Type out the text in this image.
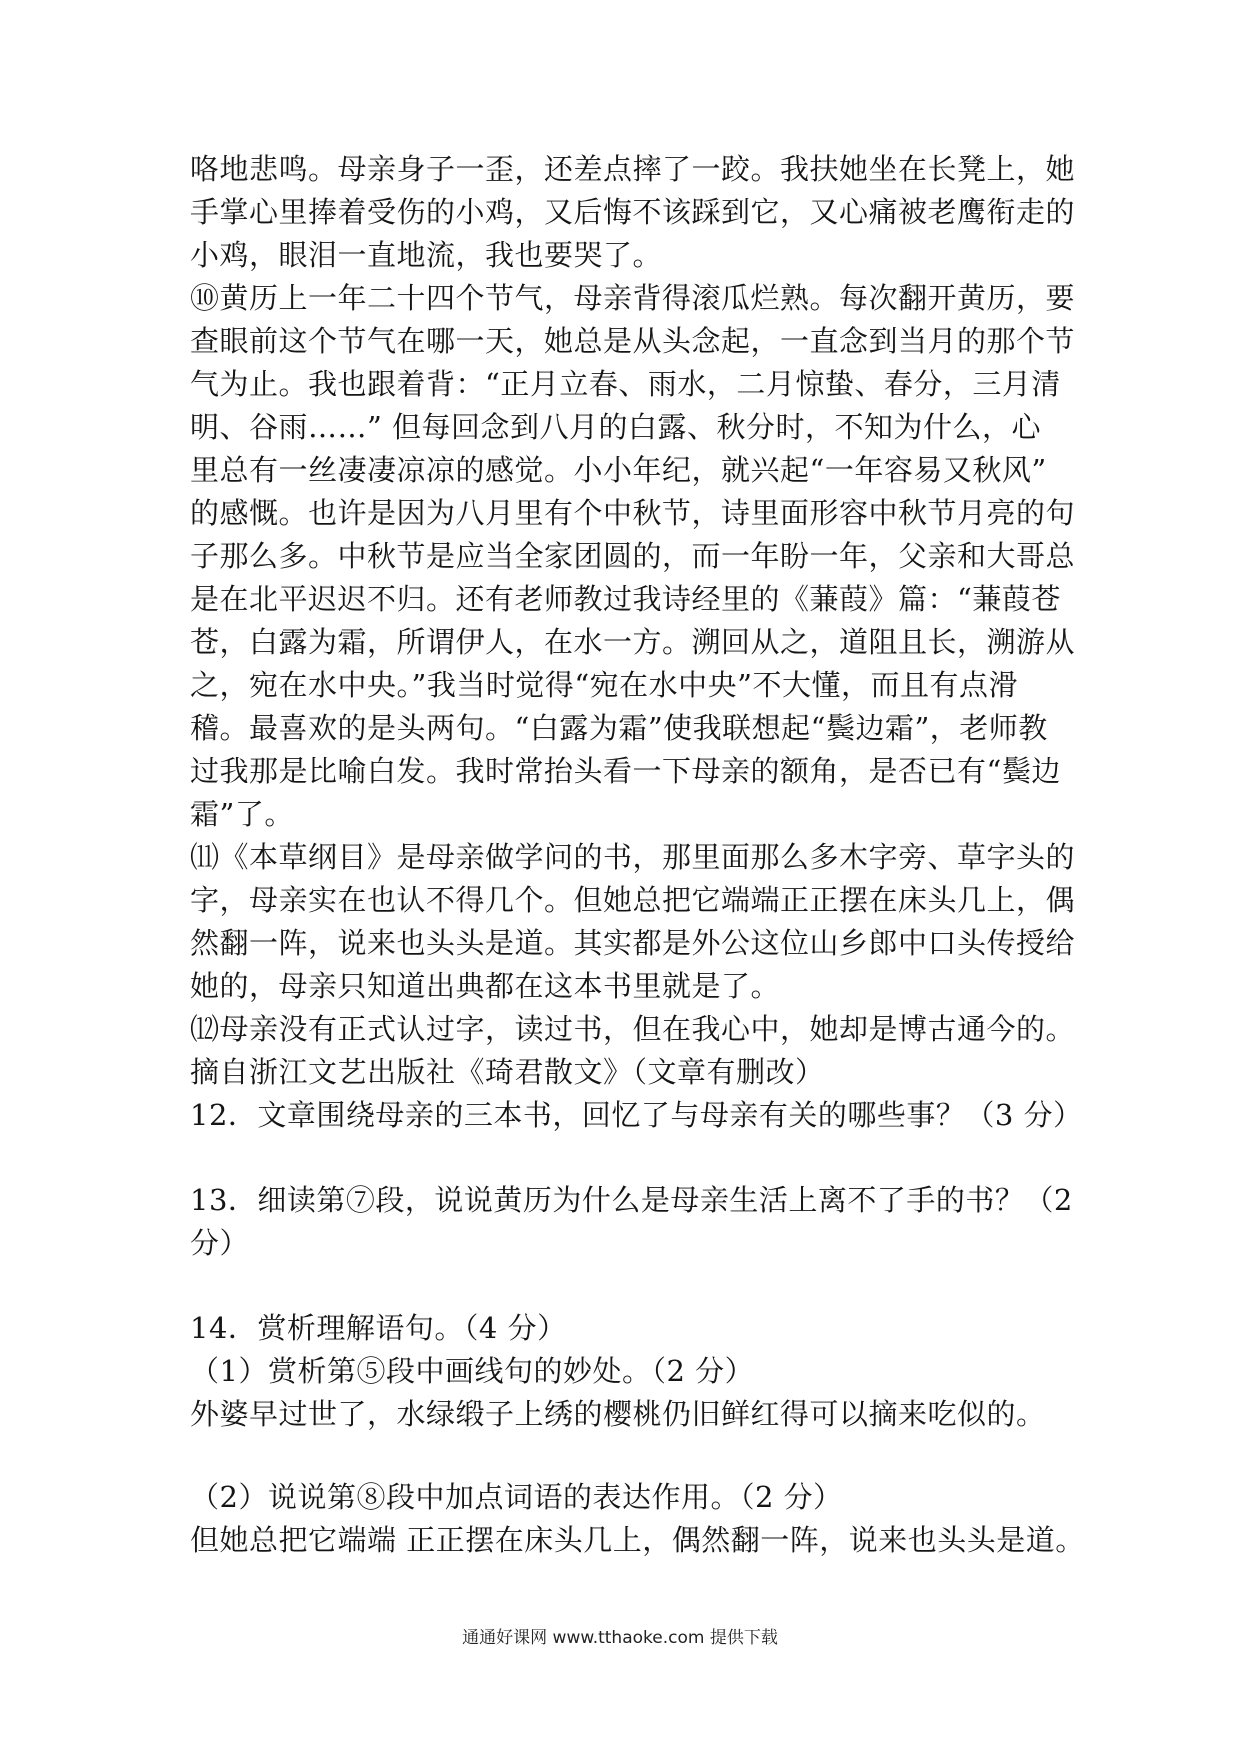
咯地悲鸣。母亲身子一歪，还差点摔了一跤。我扶她坐在长凳上，她
手掌心里捧着受伤的小鸡，又后悔不该踩到它，又心痛被老鹰衔走的
小鸡，眼泪一直地流，我也要哭了。
⑩黄历上一年二十四个节气，母亲背得滚瓜烂熟。每次翻开黄历，要
查眼前这个节气在哪一天，她总是从头念起，一直念到当月的那个节
气为止。我也跟着背：“正月立春、雨水，二月惊蛰、春分，三月清
明、谷雨……” 但每回念到八月的白露、秋分时，不知为什么，心
里总有一丝凄凄凉凉的感觉。小小年纪，就兴起“一年容易又秋风”
的感慨。也许是因为八月里有个中秋节，诗里面形容中秋节月亮的句
子那么多。中秋节是应当全家团圆的，而一年盼一年，父亲和大哥总
是在北平迟迟不归。还有老师教过我诗经里的《蒹葭》篇：“蒹葭苍
苍，白露为霜，所谓伊人，在水一方。溯回从之，道阻且长，溯游从
之，宛在水中央。”我当时觉得“宛在水中央”不大懂，而且有点滑
稽。最喜欢的是头两句。“白露为霜”使我联想起“鬓边霜”，老师教
过我那是比喻白发。我时常抬头看一下母亲的额角，是否已有“鬓边
霜”了。
⑾《本草纲目》是母亲做学问的书，那里面那么多木字旁、草字头的
字，母亲实在也认不得几个。但她总把它端端正正摆在床头几上，偶
然翻一阵，说来也头头是道。其实都是外公这位山乡郎中口头传授给
她的，母亲只知道出典都在这本书里就是了。
⑿母亲没有正式认过字，读过书，但在我心中，她却是博古通今的。
摘自浙江文艺出版社《琦君散文》（文章有删改）
12．文章围绕母亲的三本书，回忆了与母亲有关的哪些事？（3 分）
13．细读第⑦段，说说黄历为什么是母亲生活上离不了手的书？（2
分）
14．赏析理解语句。（4 分）
（1）赏析第⑤段中画线句的妙处。（2 分）
外婆早过世了，水绿缎子上绣的樱桃仍旧鲜红得可以摘来吃似的。
（2）说说第⑧段中加点词语的表达作用。（2 分）
但她总把它端端 正正摆在床头几上，偶然翻一阵，说来也头头是道。
通通好课网 www.tthaoke.com 提供下载
